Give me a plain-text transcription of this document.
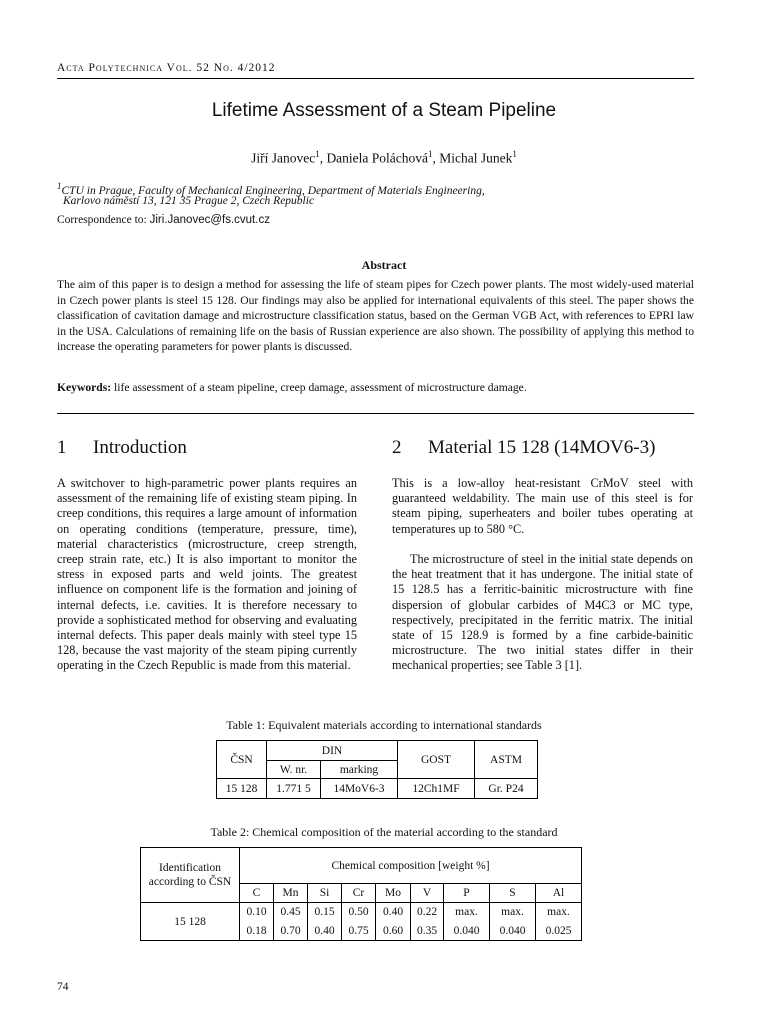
Acta Polytechnica Vol. 52 No. 4/2012
Lifetime Assessment of a Steam Pipeline
Jiří Janovec$^1$, Daniela Poláchová$^1$, Michal Junek$^1$
$^1$CTU in Prague, Faculty of Mechanical Engineering, Department of Materials Engineering,
Karlovo náměstí 13, 121 35 Prague 2, Czech Republic
Correspondence to: Jiri.Janovec@fs.cvut.cz
Abstract
The aim of this paper is to design a method for assessing the life of steam pipes for Czech power plants. The most widely-used material in Czech power plants is steel 15 128. Our findings may also be applied for international equivalents of this steel. The paper shows the classification of cavitation damage and microstructure classification status, based on the German VGB Act, with references to EPRI law in the USA. Calculations of remaining life on the basis of Russian experience are also shown. The possibility of applying this method to increase the operating parameters for power plants is discussed.
Keywords: life assessment of a steam pipeline, creep damage, assessment of microstructure damage.
1 Introduction
A switchover to high-parametric power plants requires an assessment of the remaining life of existing steam piping. In creep conditions, this requires a large amount of information on operating conditions (temperature, pressure, time), material characteristics (microstructure, creep strength, creep strain rate, etc.) It is also important to monitor the stress in exposed parts and weld joints. The greatest influence on component life is the formation and joining of internal defects, i.e. cavities. It is therefore necessary to provide a sophisticated method for observing and evaluating internal defects. This paper deals mainly with steel type 15 128, because the vast majority of the steam piping currently operating in the Czech Republic is made from this material.
2 Material 15 128 (14MOV6-3)
This is a low-alloy heat-resistant CrMoV steel with guaranteed weldability. The main use of this steel is for steam piping, superheaters and boiler tubes operating at temperatures up to 580 °C.
The microstructure of steel in the initial state depends on the heat treatment that it has undergone. The initial state of 15 128.5 has a ferritic-bainitic microstructure with fine dispersion of globular carbides of M4C3 or MC type, respectively, precipitated in the ferritic matrix. The initial state of 15 128.9 is formed by a fine carbide-bainitic microstructure. The two initial states differ in their mechanical properties; see Table 3 [1].
Table 1: Equivalent materials according to international standards
ČSN	DIN		GOST	ASTM
	W. nr.	marking		
15 128	1.771 5	14MoV6-3	12Ch1MF	Gr. P24
Table 2: Chemical composition of the material according to the standard
Identification according to ČSN	Chemical composition [weight %]								
	C	Mn	Si	Cr	Mo	V	P	S	Al
15 128	0.10	0.45	0.15	0.50	0.40	0.22	max.	max.	max.
	0.18	0.70	0.40	0.75	0.60	0.35	0.040	0.040	0.025
74
